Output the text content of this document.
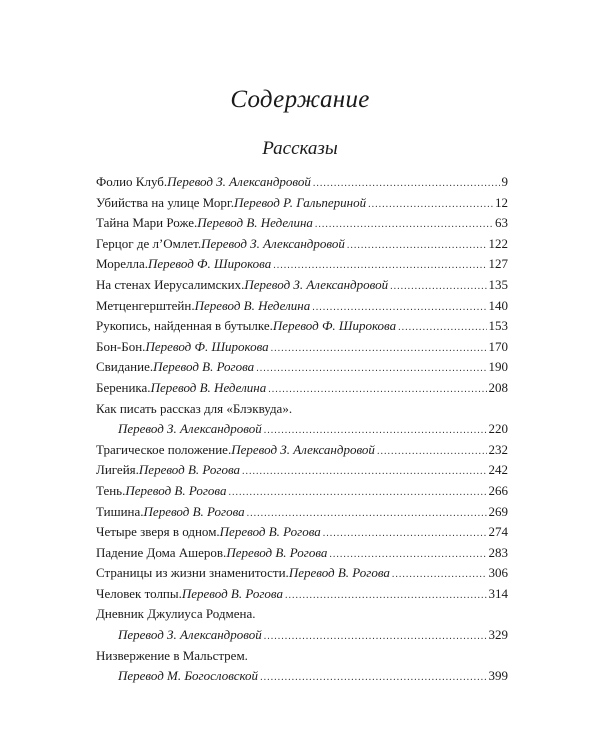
Содержание
Рассказы
Фолио Клуб. Перевод З. Александровой .....	9
Убийства на улице Морг. Перевод Р. Гальпериной .....	12
Тайна Мари Роже. Перевод В. Неделина .....	63
Герцог де л’Омлет. Перевод З. Александровой .....	122
Морелла. Перевод Ф. Широкова .....	127
На стенах Иерусалимских. Перевод З. Александровой .....	135
Метценгерштейн. Перевод В. Неделина .....	140
Рукопись, найденная в бутылке. Перевод Ф. Широкова .....	153
Бон-Бон. Перевод Ф. Широкова .....	170
Свидание. Перевод В. Рогова .....	190
Береника. Перевод В. Неделина .....	208
Как писать рассказ для «Блэквуда».
Перевод З. Александровой .....	220
Трагическое положение. Перевод З. Александровой .....	232
Лигейя. Перевод В. Рогова .....	242
Тень. Перевод В. Рогова .....	266
Тишина. Перевод В. Рогова .....	269
Четыре зверя в одном. Перевод В. Рогова .....	274
Падение Дома Ашеров. Перевод В. Рогова .....	283
Страницы из жизни знаменитости. Перевод В. Рогова .....	306
Человек толпы. Перевод В. Рогова .....	314
Дневник Джулиуса Родмена.
Перевод З. Александровой .....	329
Низвержение в Мальстрем.
Перевод М. Богословской .....	399
